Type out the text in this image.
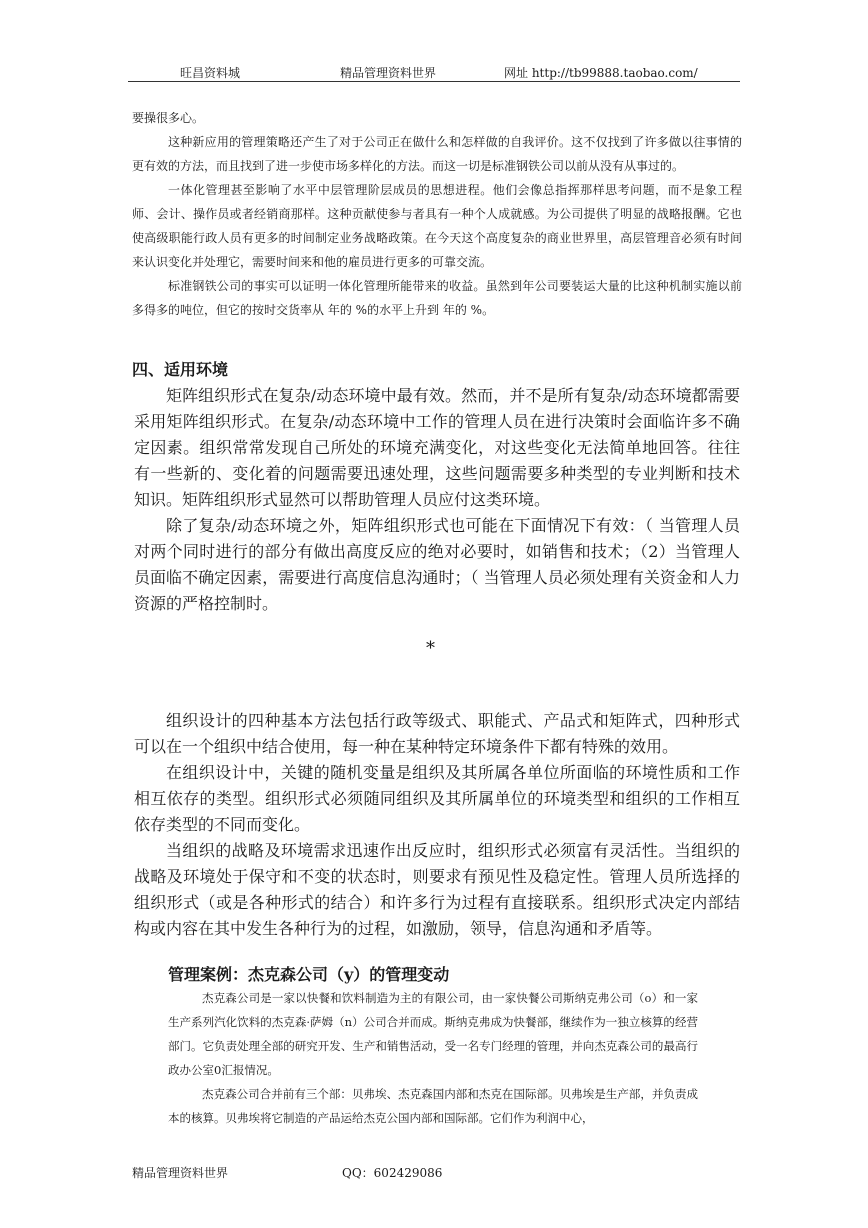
旺昌资料城	精品管理资料世界	网址 http://tb99888.taobao.com/

要操很多心。

这种新应用的管理策略还产生了对于公司正在做什么和怎样做的自我评价。这不仅找到了许多做以往事情的更有效的方法，而且找到了进一步使市场多样化的方法。而这一切是标准钢铁公司以前从没有从事过的。

一体化管理甚至影响了水平中层管理阶层成员的思想进程。他们会像总指挥那样思考问题，而不是象工程师、会计、操作员或者经销商那样。这种贡献使参与者具有一种个人成就感。为公司提供了明显的战略报酬。它也使高级职能行政人员有更多的时间制定业务战略政策。在今天这个高度复杂的商业世界里，高层管理音必须有时间来认识变化并处理它，需要时间来和他的雇员进行更多的可靠交流。

标准钢铁公司的事实可以证明一体化管理所能带来的收益。虽然到年公司要装运大量的比这种机制实施以前多得多的吨位，但它的按时交货率从 年的 %的水平上升到 年的 %。

四、适用环境

矩阵组织形式在复杂/动态环境中最有效。然而，并不是所有复杂/动态环境都需要采用矩阵组织形式。在复杂/动态环境中工作的管理人员在进行决策时会面临许多不确定因素。组织常常发现自己所处的环境充满变化，对这些变化无法简单地回答。往往有一些新的、变化着的问题需要迅速处理，这些问题需要多种类型的专业判断和技术知识。矩阵组织形式显然可以帮助管理人员应付这类环境。

除了复杂/动态环境之外，矩阵组织形式也可能在下面情况下有效：（ 当管理人员对两个同时进行的部分有做出高度反应的绝对必要时，如销售和技术；（2）当管理人员面临不确定因素，需要进行高度信息沟通时；（ 当管理人员必须处理有关资金和人力资源的严格控制时。

*

组织设计的四种基本方法包括行政等级式、职能式、产品式和矩阵式，四种形式可以在一个组织中结合使用，每一种在某种特定环境条件下都有特殊的效用。

在组织设计中，关键的随机变量是组织及其所属各单位所面临的环境性质和工作相互依存的类型。组织形式必须随同组织及其所属单位的环境类型和组织的工作相互依存类型的不同而变化。

当组织的战略及环境需求迅速作出反应时，组织形式必须富有灵活性。当组织的战略及环境处于保守和不变的状态时，则要求有预见性及稳定性。管理人员所选择的组织形式（或是各种形式的结合）和许多行为过程有直接联系。组织形式决定内部结构或内容在其中发生各种行为的过程，如激励，领导，信息沟通和矛盾等。

管理案例：杰克森公司（y）的管理变动

杰克森公司是一家以快餐和饮料制造为主的有限公司，由一家快餐公司斯纳克弗公司（o）和一家生产系列汽化饮料的杰克森·萨姆（n）公司合并而成。斯纳克弗成为快餐部，继续作为一独立核算的经营部门。它负责处理全部的研究开发、生产和销售活动，受一名专门经理的管理，并向杰克森公司的最高行政办公室0汇报情况。

杰克森公司合并前有三个部：贝弗埃、杰克森国内部和杰克在国际部。贝弗埃是生产部，并负责成本的核算。贝弗埃将它制造的产品运给杰克公国内部和国际部。它们作为利润中心，

精品管理资料世界	QQ：602429086
